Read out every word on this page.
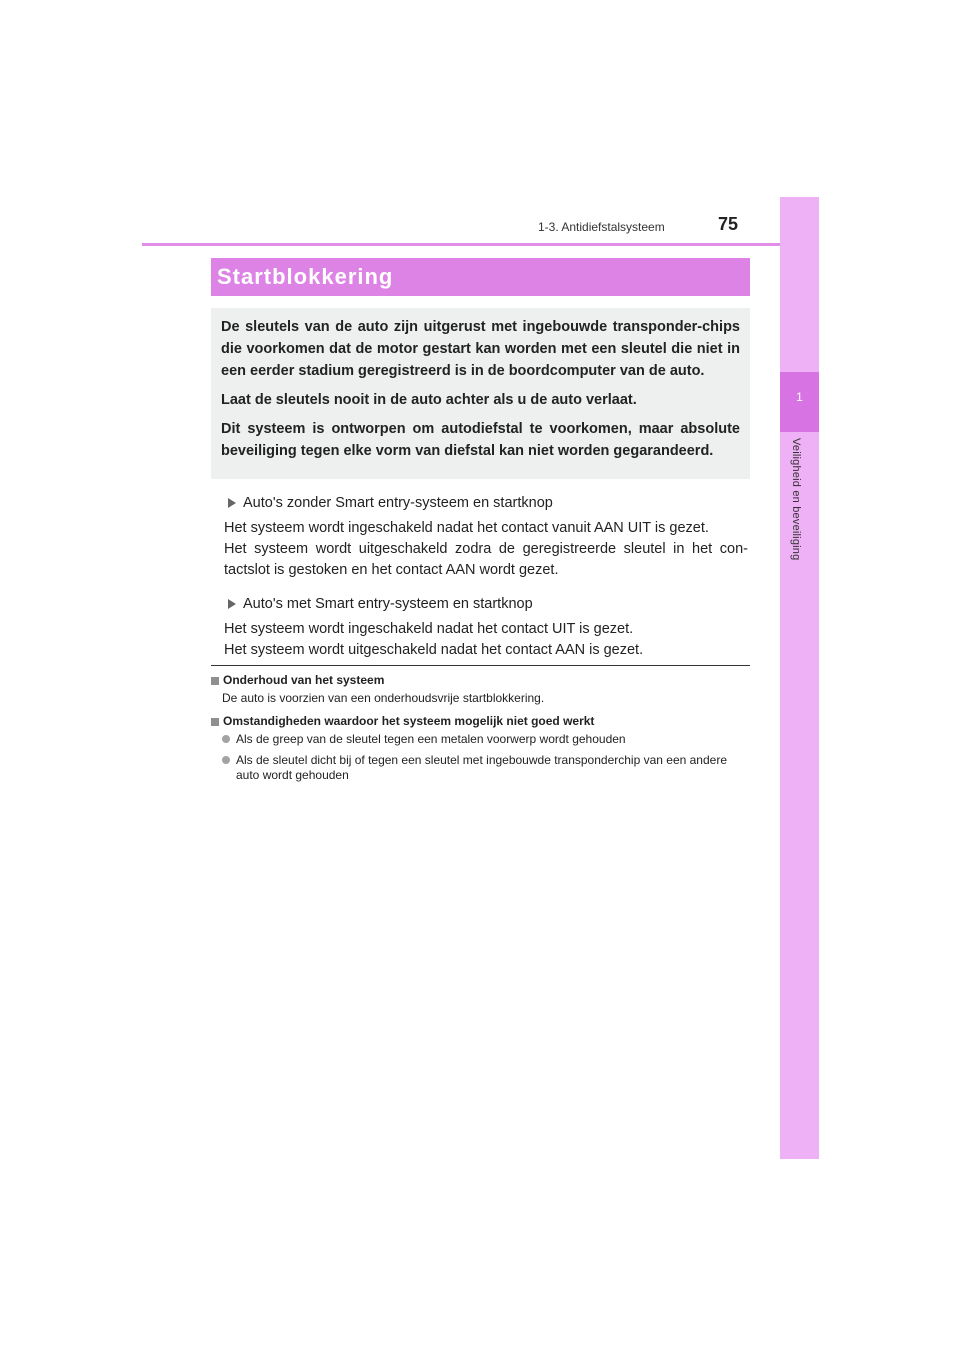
1-3. Antidiefstalsysteem	75
1
Veiligheid en beveiliging
Startblokkering

De sleutels van de auto zijn uitgerust met ingebouwde transponder-chips die voorkomen dat de motor gestart kan worden met een sleutel die niet in een eerder stadium geregistreerd is in de boordcomputer van de auto.

Laat de sleutels nooit in de auto achter als u de auto verlaat.

Dit systeem is ontworpen om autodiefstal te voorkomen, maar absolute beveiliging tegen elke vorm van diefstal kan niet worden gegarandeerd.

Auto's zonder Smart entry-systeem en startknop
Het systeem wordt ingeschakeld nadat het contact vanuit AAN UIT is gezet.
Het systeem wordt uitgeschakeld zodra de geregistreerde sleutel in het con-tactslot is gestoken en het contact AAN wordt gezet.
Auto's met Smart entry-systeem en startknop
Het systeem wordt ingeschakeld nadat het contact UIT is gezet.
Het systeem wordt uitgeschakeld nadat het contact AAN is gezet.
Onderhoud van het systeem
De auto is voorzien van een onderhoudsvrije startblokkering.
Omstandigheden waardoor het systeem mogelijk niet goed werkt
Als de greep van de sleutel tegen een metalen voorwerp wordt gehouden
Als de sleutel dicht bij of tegen een sleutel met ingebouwde transponderchip van een andere auto wordt gehouden
